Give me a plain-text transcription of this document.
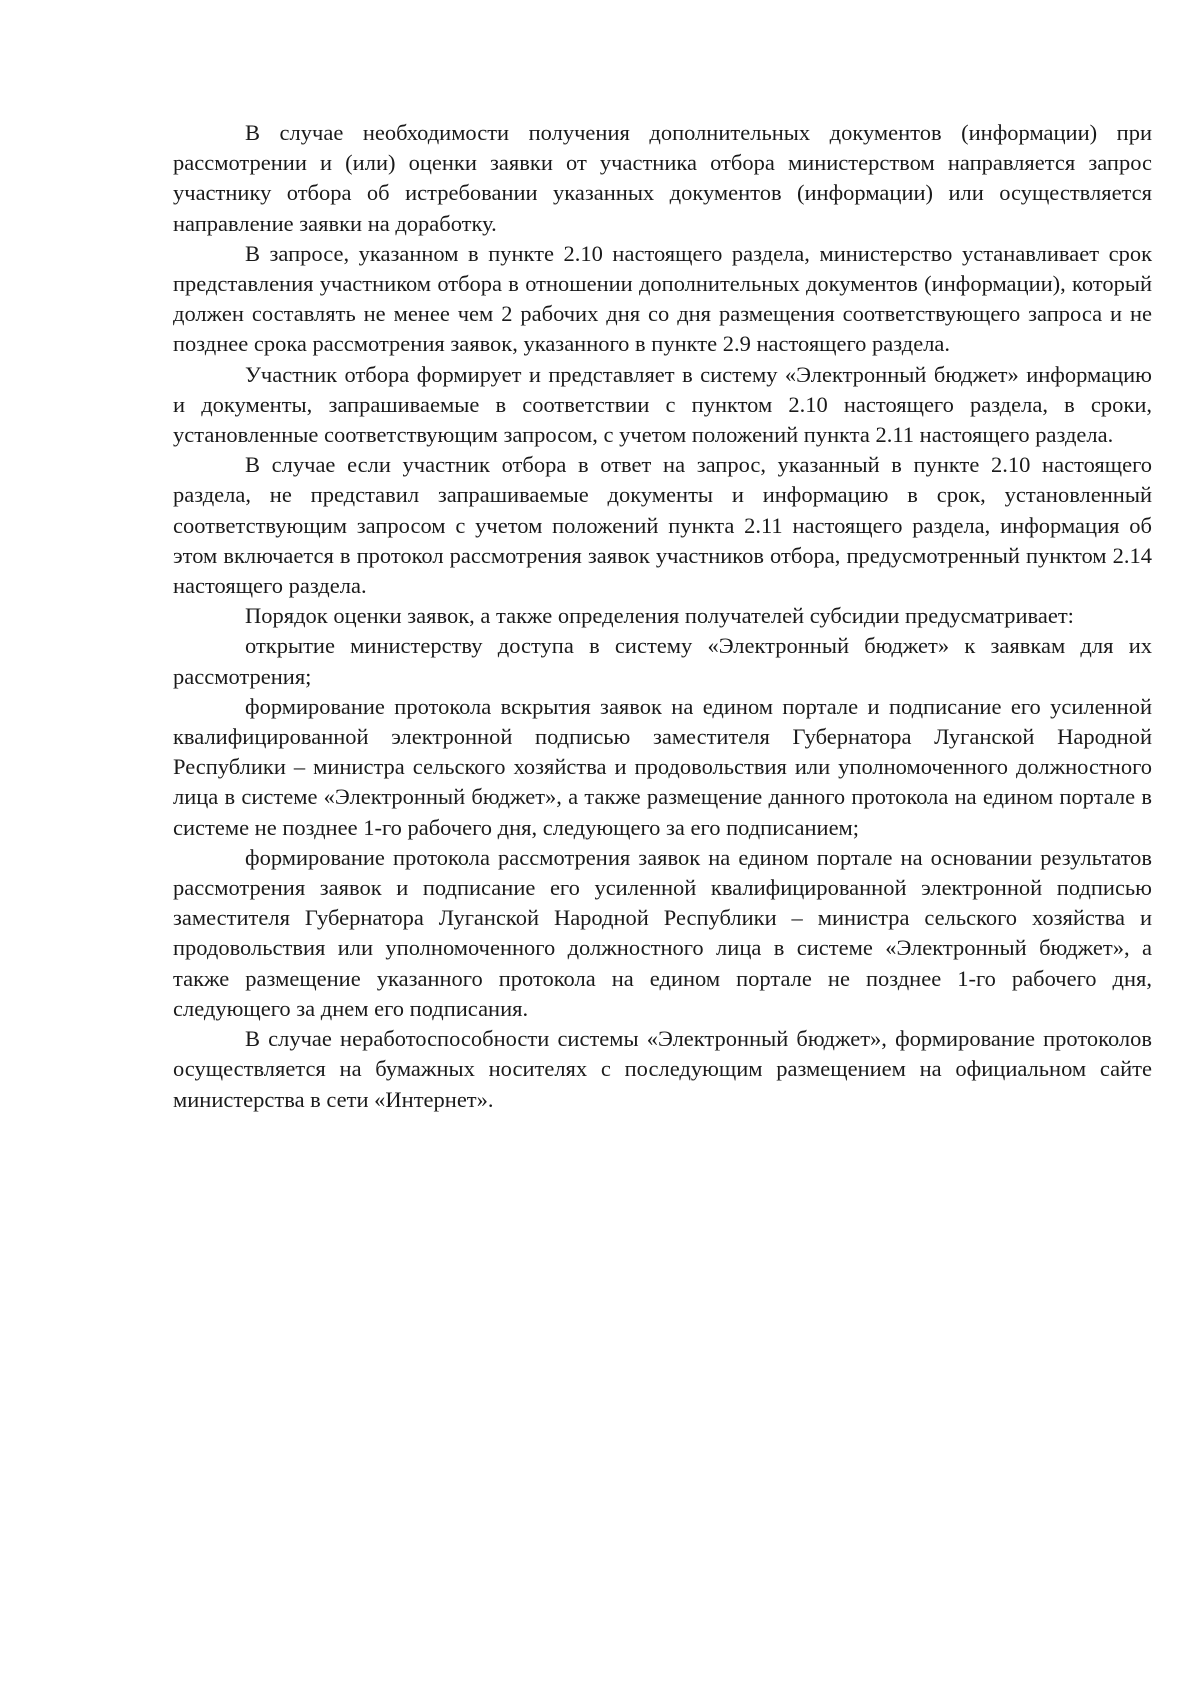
В случае необходимости получения дополнительных документов (информации) при рассмотрении и (или) оценки заявки от участника отбора министерством направляется запрос участнику отбора об истребовании указанных документов (информации) или осуществляется направление заявки на доработку.

В запросе, указанном в пункте 2.10 настоящего раздела, министерство устанавливает срок представления участником отбора в отношении дополнительных документов (информации), который должен составлять не менее чем 2 рабочих дня со дня размещения соответствующего запроса и не позднее срока рассмотрения заявок, указанного в пункте 2.9 настоящего раздела.

Участник отбора формирует и представляет в систему «Электронный бюджет» информацию и документы, запрашиваемые в соответствии с пунктом 2.10 настоящего раздела, в сроки, установленные соответствующим запросом, с учетом положений пункта 2.11 настоящего раздела.

В случае если участник отбора в ответ на запрос, указанный в пункте 2.10 настоящего раздела, не представил запрашиваемые документы и информацию в срок, установленный соответствующим запросом с учетом положений пункта 2.11 настоящего раздела, информация об этом включается в протокол рассмотрения заявок участников отбора, предусмотренный пунктом 2.14 настоящего раздела.

Порядок оценки заявок, а также определения получателей субсидии предусматривает:

открытие министерству доступа в систему «Электронный бюджет» к заявкам для их рассмотрения;

формирование протокола вскрытия заявок на едином портале и подписание его усиленной квалифицированной электронной подписью заместителя Губернатора Луганской Народной Республики – министра сельского хозяйства и продовольствия или уполномоченного должностного лица в системе «Электронный бюджет», а также размещение данного протокола на едином портале в системе не позднее 1-го рабочего дня, следующего за его подписанием;

формирование протокола рассмотрения заявок на едином портале на основании результатов рассмотрения заявок и подписание его усиленной квалифицированной электронной подписью заместителя Губернатора Луганской Народной Республики – министра сельского хозяйства и продовольствия или уполномоченного должностного лица в системе «Электронный бюджет», а также размещение указанного протокола на едином портале не позднее 1-го рабочего дня, следующего за днем его подписания.

В случае неработоспособности системы «Электронный бюджет», формирование протоколов осуществляется на бумажных носителях с последующим размещением на официальном сайте министерства в сети «Интернет».
